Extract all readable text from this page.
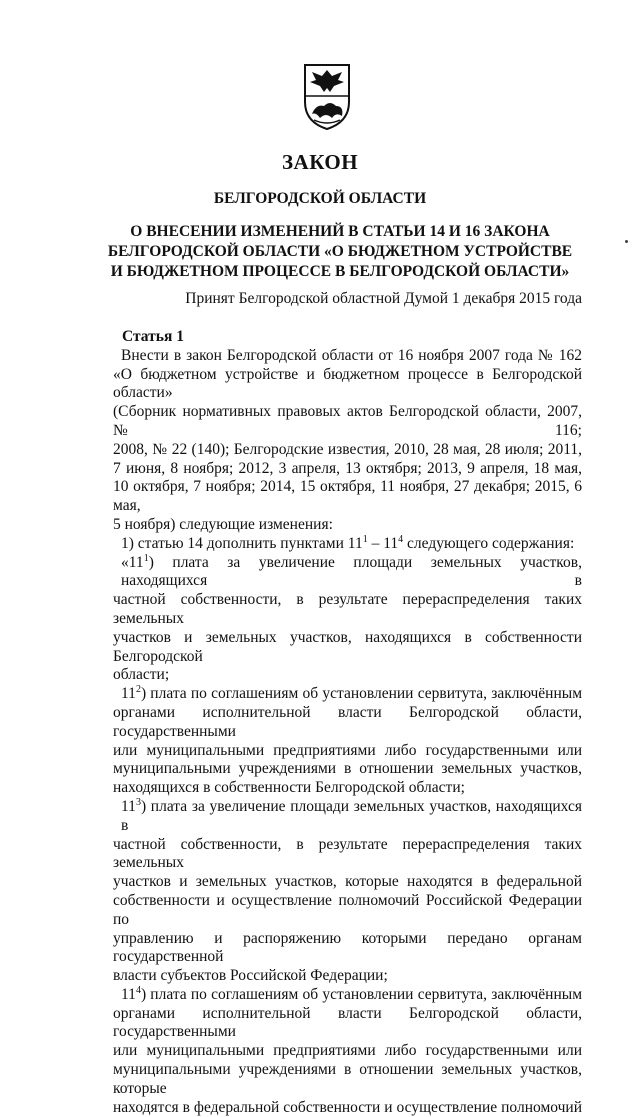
ЗАКОН
БЕЛГОРОДСКОЙ ОБЛАСТИ
О ВНЕСЕНИИ ИЗМЕНЕНИЙ В СТАТЬИ 14 И 16 ЗАКОНА
БЕЛГОРОДСКОЙ ОБЛАСТИ «О БЮДЖЕТНОМ УСТРОЙСТВЕ
И БЮДЖЕТНОМ ПРОЦЕССЕ В БЕЛГОРОДСКОЙ ОБЛАСТИ»
Принят Белгородской областной Думой 1 декабря 2015 года
Статья 1
Внести в закон Белгородской области от 16 ноября 2007 года № 162
«О бюджетном устройстве и бюджетном процессе в Белгородской области»
(Сборник нормативных правовых актов Белгородской области, 2007, № 116;
2008, № 22 (140); Белгородские известия, 2010, 28 мая, 28 июля; 2011,
7 июня, 8 ноября; 2012, 3 апреля, 13 октября; 2013, 9 апреля, 18 мая,
10 октября, 7 ноября; 2014, 15 октября, 11 ноября, 27 декабря; 2015, 6 мая,
5 ноября) следующие изменения:
1) статью 14 дополнить пунктами $11^1 - 11^4$ следующего содержания:
«$11^1$) плата за увеличение площади земельных участков, находящихся в
частной собственности, в результате перераспределения таких земельных
участков и земельных участков, находящихся в собственности Белгородской
области;
$11^2$) плата по соглашениям об установлении сервитута, заключённым
органами исполнительной власти Белгородской области, государственными
или муниципальными предприятиями либо государственными или
муниципальными учреждениями в отношении земельных участков,
находящихся в собственности Белгородской области;
$11^3$) плата за увеличение площади земельных участков, находящихся в
частной собственности, в результате перераспределения таких земельных
участков и земельных участков, которые находятся в федеральной
собственности и осуществление полномочий Российской Федерации по
управлению и распоряжению которыми передано органам государственной
власти субъектов Российской Федерации;
$11^4$) плата по соглашениям об установлении сервитута, заключённым
органами исполнительной власти Белгородской области, государственными
или муниципальными предприятиями либо государственными или
муниципальными учреждениями в отношении земельных участков, которые
находятся в федеральной собственности и осуществление полномочий
